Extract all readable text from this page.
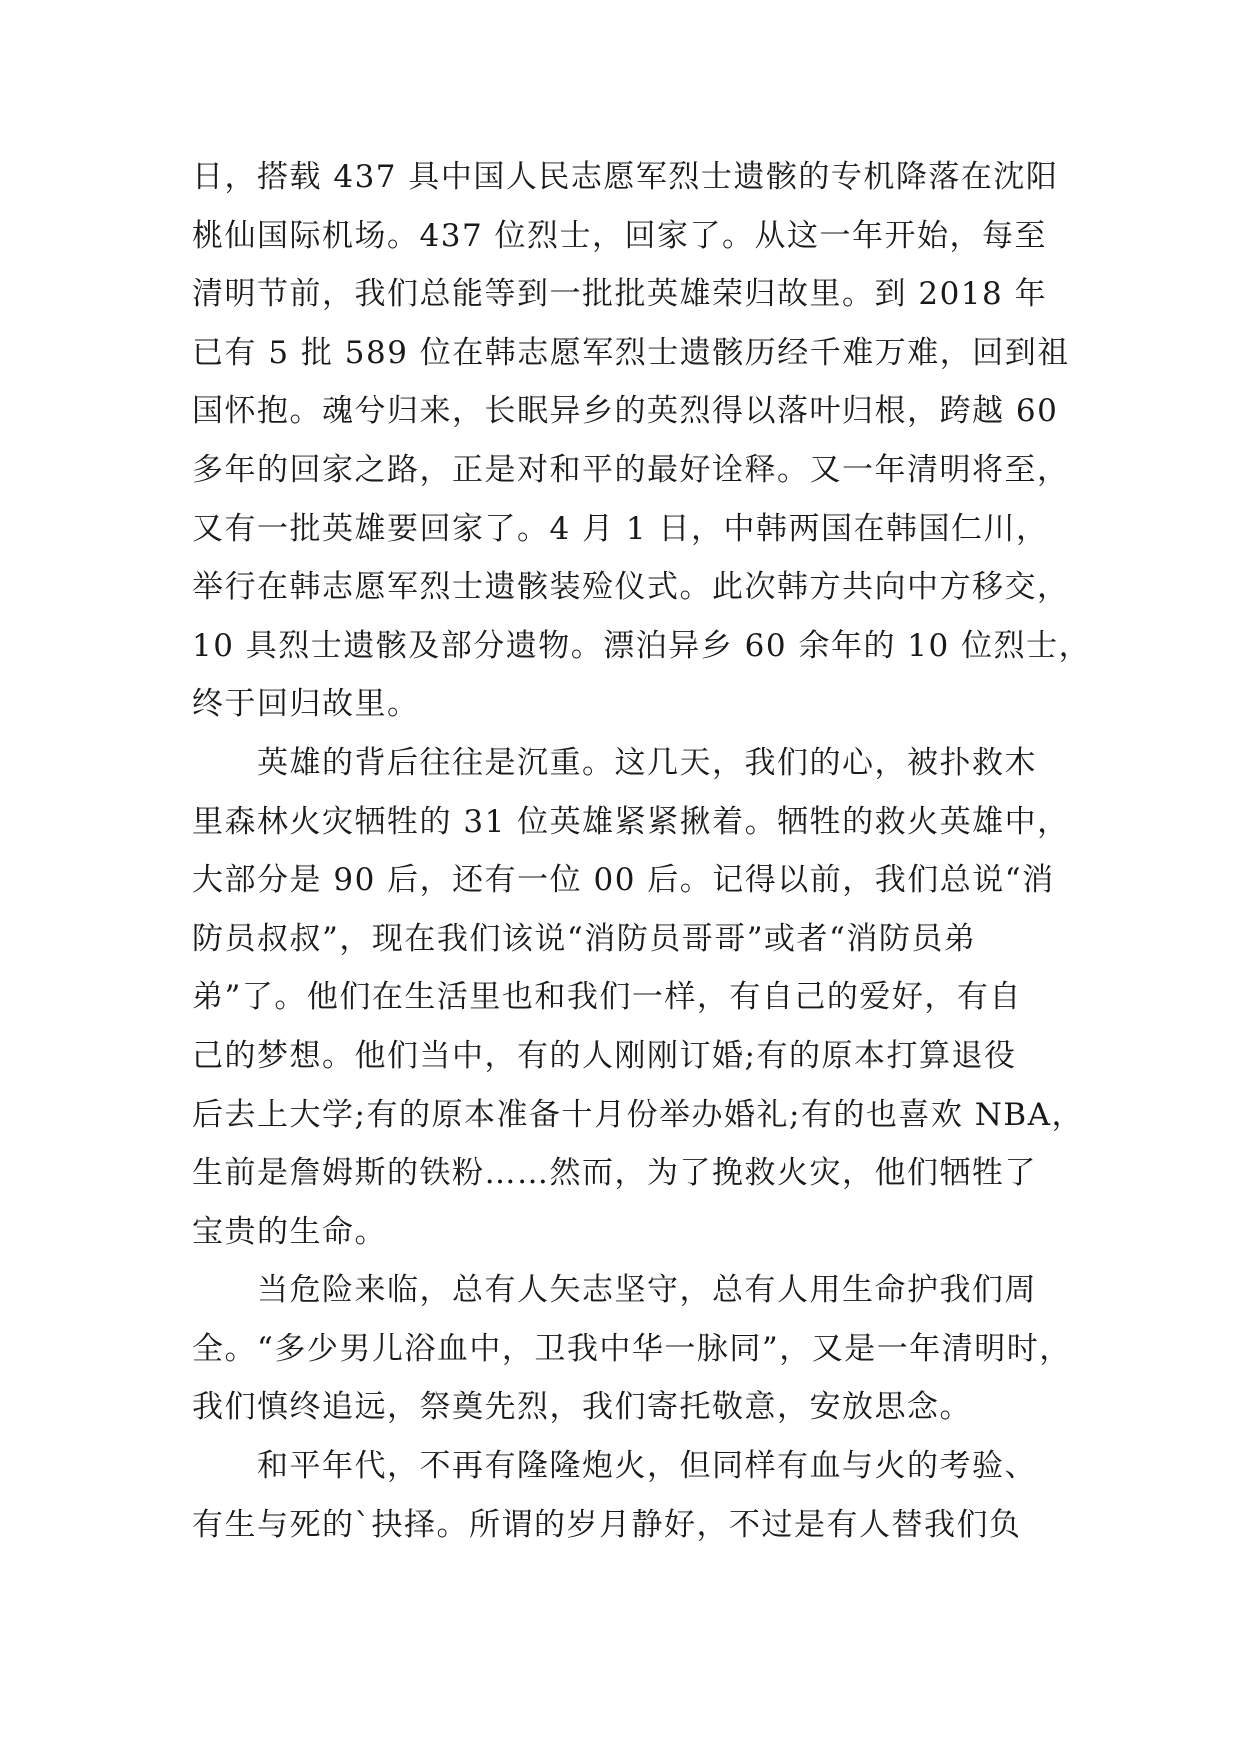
日，搭载 437 具中国人民志愿军烈士遗骸的专机降落在沈阳
桃仙国际机场。437 位烈士，回家了。从这一年开始，每至
清明节前，我们总能等到一批批英雄荣归故里。到 2018 年
已有 5 批 589 位在韩志愿军烈士遗骸历经千难万难，回到祖
国怀抱。魂兮归来，长眠异乡的英烈得以落叶归根，跨越 60
多年的回家之路，正是对和平的最好诠释。又一年清明将至，
又有一批英雄要回家了。4 月 1 日，中韩两国在韩国仁川，
举行在韩志愿军烈士遗骸装殓仪式。此次韩方共向中方移交，
10 具烈士遗骸及部分遗物。漂泊异乡 60 余年的 10 位烈士，
终于回归故里。
　　英雄的背后往往是沉重。这几天，我们的心，被扑救木
里森林火灾牺牲的 31 位英雄紧紧揪着。牺牲的救火英雄中，
大部分是 90 后，还有一位 00 后。记得以前，我们总说“消
防员叔叔”，现在我们该说“消防员哥哥”或者“消防员弟
弟”了。他们在生活里也和我们一样，有自己的爱好，有自
己的梦想。他们当中，有的人刚刚订婚;有的原本打算退役
后去上大学;有的原本准备十月份举办婚礼;有的也喜欢 NBA，
生前是詹姆斯的铁粉……然而，为了挽救火灾，他们牺牲了
宝贵的生命。
　　当危险来临，总有人矢志坚守，总有人用生命护我们周
全。“多少男儿浴血中，卫我中华一脉同”，又是一年清明时，
我们慎终追远，祭奠先烈，我们寄托敬意，安放思念。
　　和平年代，不再有隆隆炮火，但同样有血与火的考验、
有生与死的`抉择。所谓的岁月静好，不过是有人替我们负
